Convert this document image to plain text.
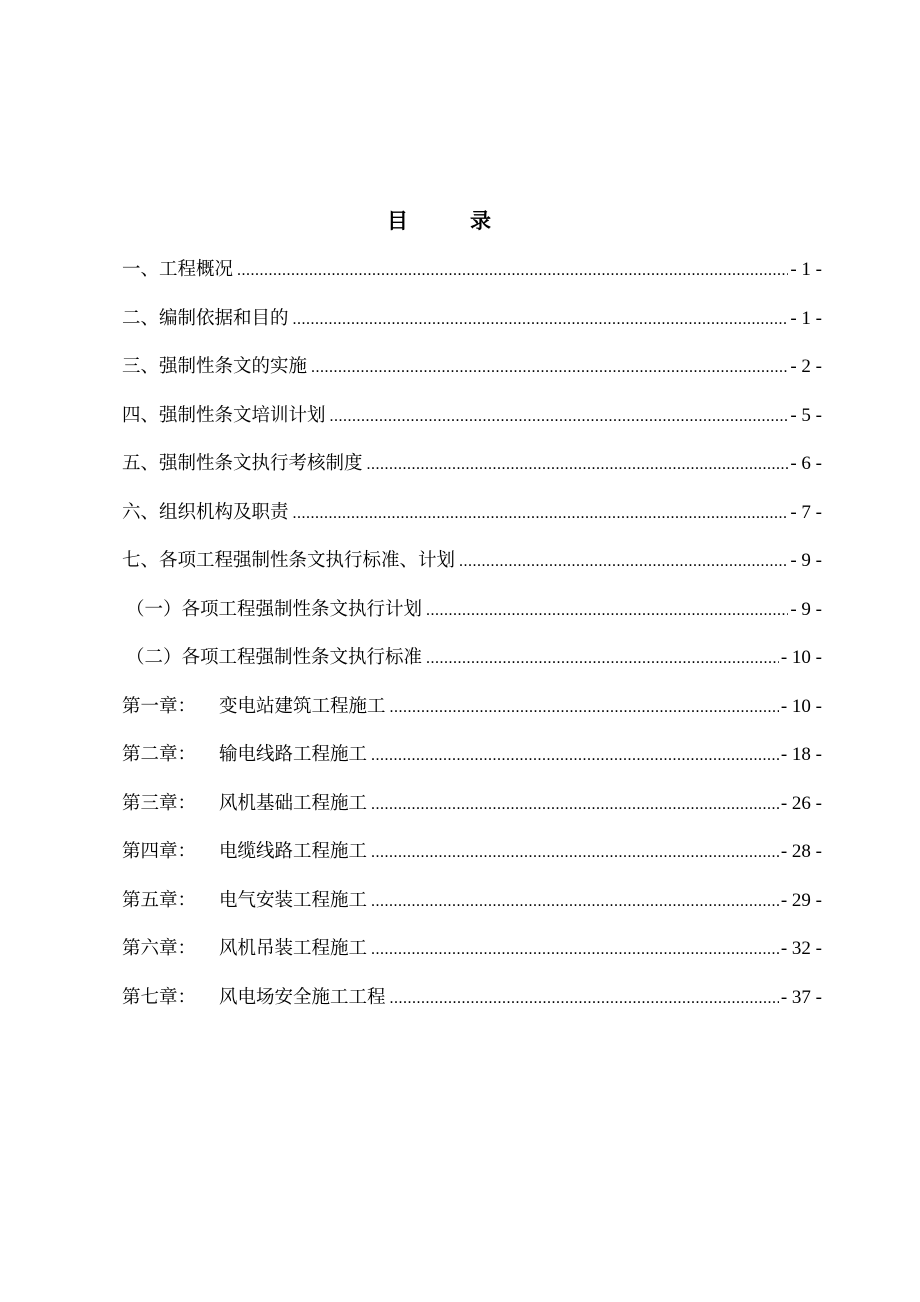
目录
一、工程概况 .....	- 1 -
二、编制依据和目的 .....	- 1 -
三、强制性条文的实施 .....	- 2 -
四、强制性条文培训计划 .....	- 5 -
五、强制性条文执行考核制度 .....	- 6 -
六、组织机构及职责 .....	- 7 -
七、各项工程强制性条文执行标准、计划 .....	- 9 -
（一）各项工程强制性条文执行计划 .....	- 9 -
（二）各项工程强制性条文执行标准 .....	- 10 -
第一章：	变电站建筑工程施工 .....	- 10 -
第二章：	输电线路工程施工 .....	- 18 -
第三章：	风机基础工程施工 .....	- 26 -
第四章：	电缆线路工程施工 .....	- 28 -
第五章：	电气安装工程施工 .....	- 29 -
第六章：	风机吊装工程施工 .....	- 32 -
第七章：	风电场安全施工工程 .....	- 37 -
